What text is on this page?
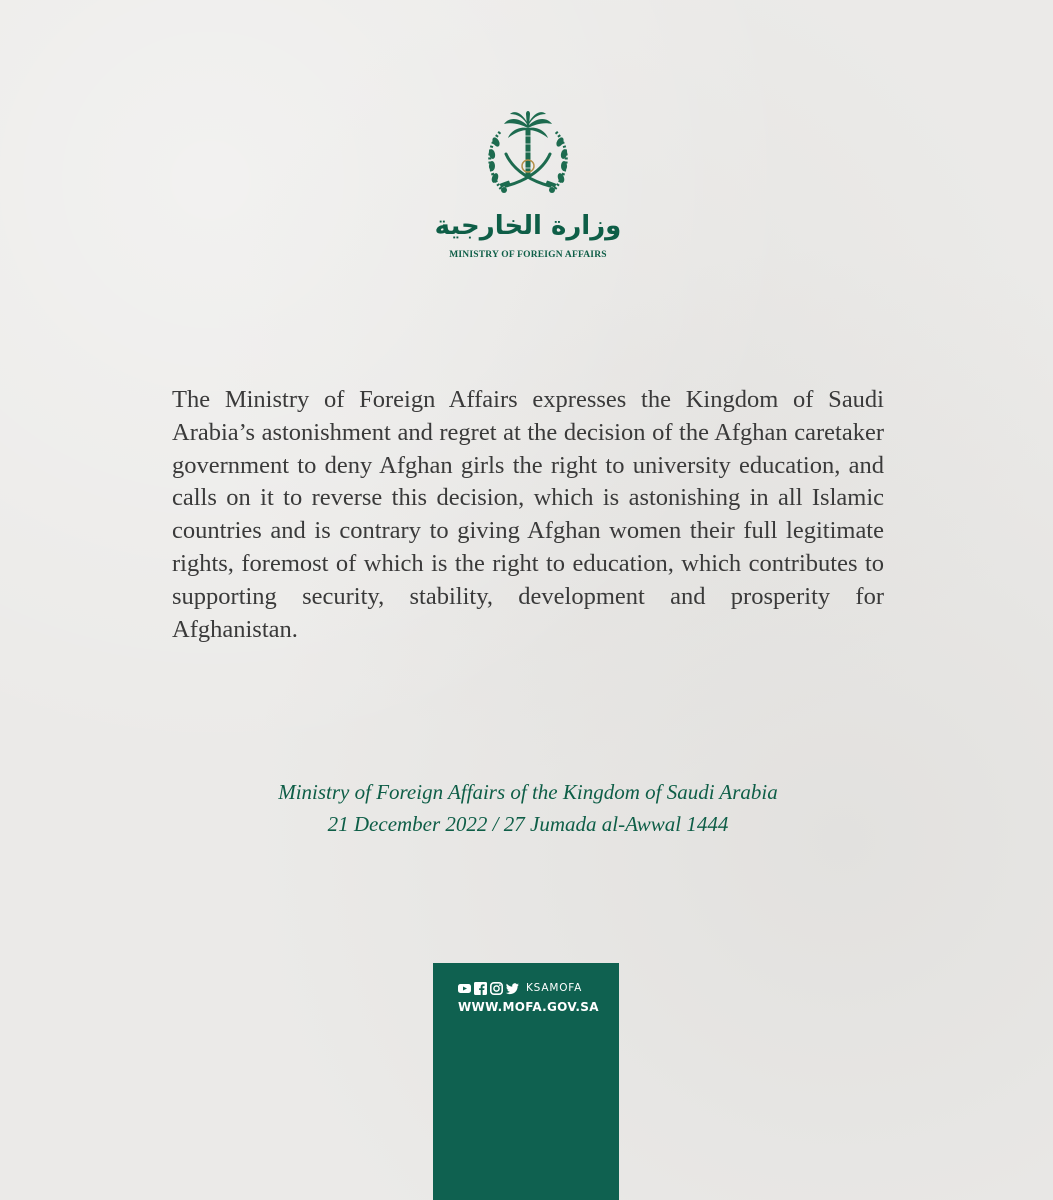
وزارة الخارجية
MINISTRY OF FOREIGN AFFAIRS

The Ministry of Foreign Affairs expresses the Kingdom of Saudi Arabia’s astonishment and regret at the decision of the Afghan caretaker government to deny Afghan girls the right to university education, and calls on it to reverse this decision, which is astonishing in all Islamic countries and is contrary to giving Afghan women their full legitimate rights, foremost of which is the right to education, which contributes to supporting security, stability, development and prosperity for Afghanistan.

Ministry of Foreign Affairs of the Kingdom of Saudi Arabia
21 December 2022 / 27 Jumada al-Awwal 1444
KSAMOFA
WWW.MOFA.GOV.SA
